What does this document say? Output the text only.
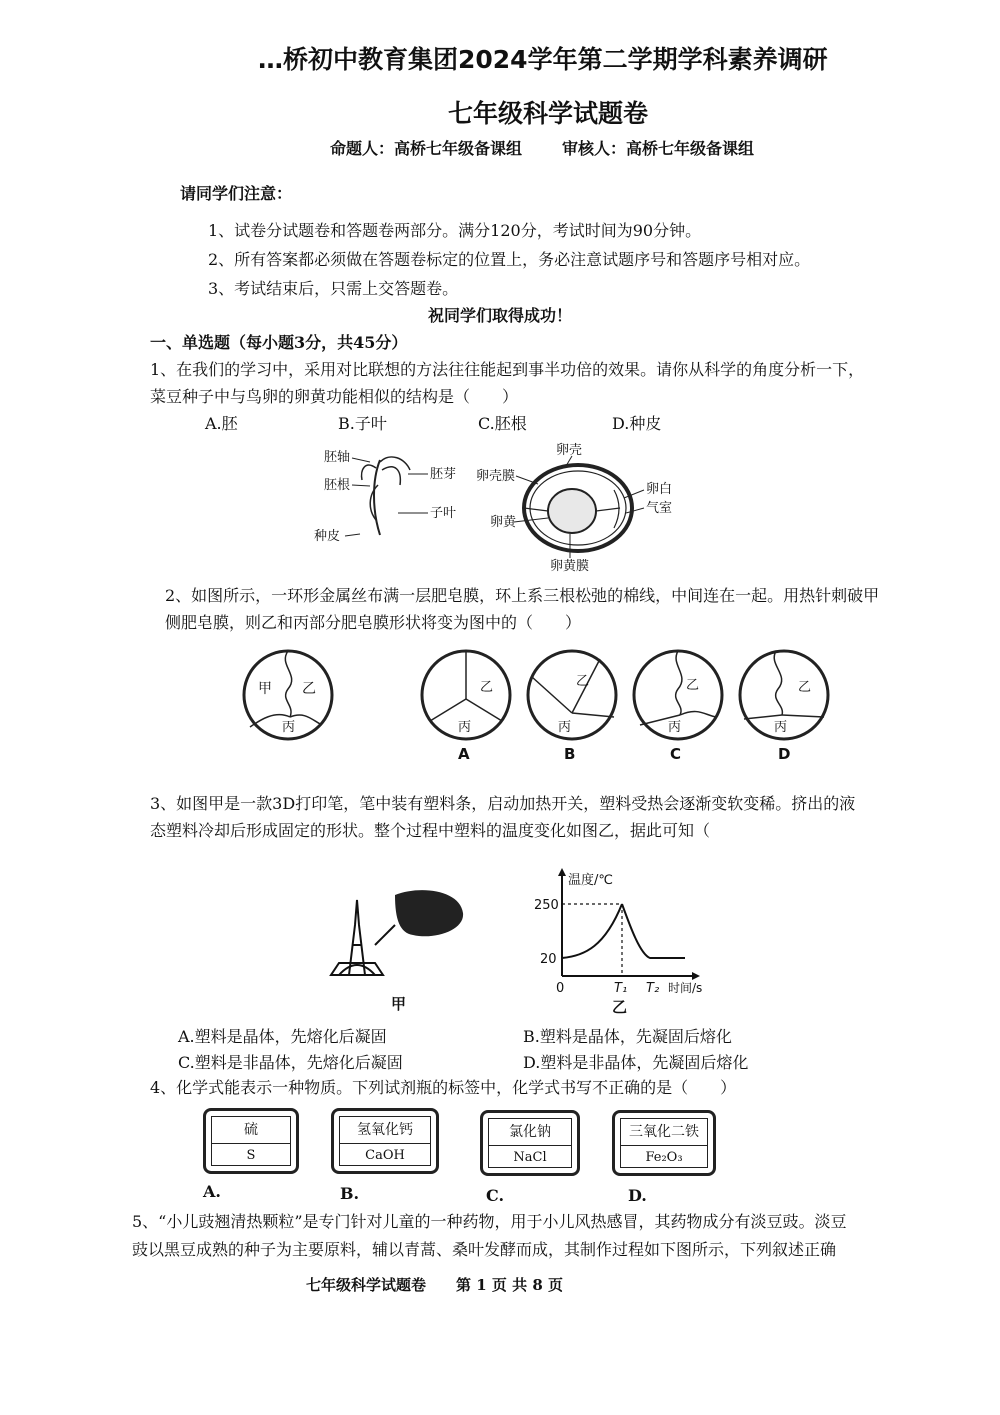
…桥初中教育集团2024学年第二学期学科素养调研
七年级科学试题卷
命题人：高桥七年级备课组 审核人：高桥七年级备课组
请同学们注意：
1、试卷分试题卷和答题卷两部分。满分120分，考试时间为90分钟。
2、所有答案都必须做在答题卷标定的位置上，务必注意试题序号和答题序号相对应。
3、考试结束后，只需上交答题卷。
祝同学们取得成功！
一、单选题（每小题3分，共45分）
1、在我们的学习中，采用对比联想的方法往往能起到事半功倍的效果。请你从科学的角度分析一下，
菜豆种子中与鸟卵的卵黄功能相似的结构是（　　）
A.胚	B.子叶	C.胚根	D.种皮
胚轴
胚根
胚芽
子叶
种皮
卵壳
卵壳膜
卵白
气室
卵黄
卵黄膜
2、如图所示，一环形金属丝布满一层肥皂膜，环上系三根松弛的棉线，中间连在一起。用热针刺破甲
侧肥皂膜，则乙和丙部分肥皂膜形状将变为图中的（　　）
甲 乙
丙
乙
丙
A
乙
丙
B
乙
丙
C
乙
丙
D
3、如图甲是一款3D打印笔，笔中装有塑料条，启动加热开关，塑料受热会逐渐变软变稀。挤出的液
态塑料冷却后形成固定的形状。整个过程中塑料的温度变化如图乙，据此可知（
甲
温度/℃
250
20
0	T₁ T₂ 时间/s
乙
A.塑料是晶体，先熔化后凝固	B.塑料是晶体，先凝固后熔化
C.塑料是非晶体，先熔化后凝固	D.塑料是非晶体，先凝固后熔化
4、化学式能表示一种物质。下列试剂瓶的标签中，化学式书写不正确的是（　　）
硫
S
氢氧化钙
CaOH
氯化钠
NaCl
三氧化二铁
Fe₂O₃
A.	B.	C.	D.
5、“小儿豉翘清热颗粒”是专门针对儿童的一种药物，用于小儿风热感冒，其药物成分有淡豆豉。淡豆
豉以黑豆成熟的种子为主要原料，辅以青蒿、桑叶发酵而成，其制作过程如下图所示，下列叙述正确
七年级科学试题卷　　第 1 页 共 8 页
